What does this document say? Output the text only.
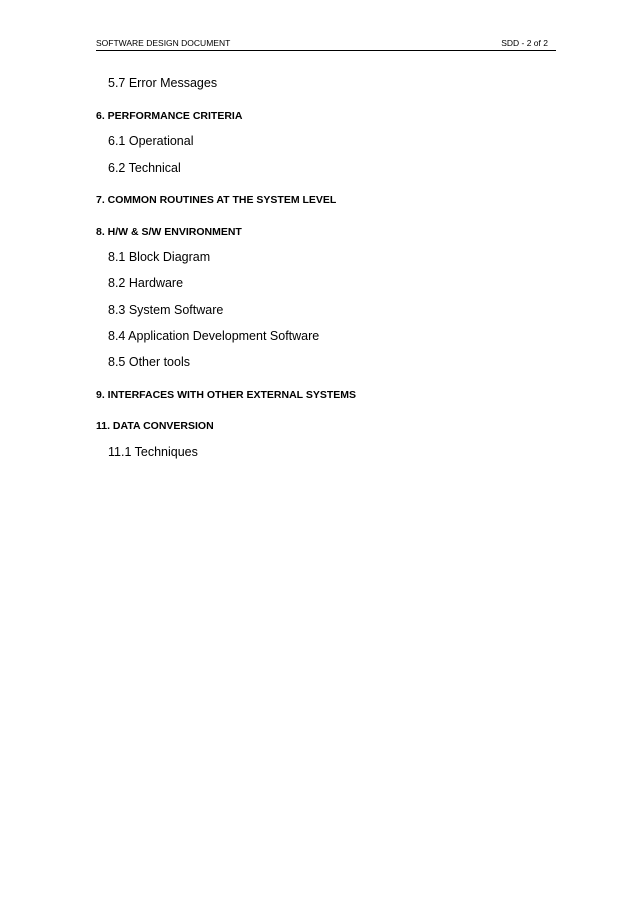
SOFTWARE DESIGN DOCUMENT	SDD - 2 of 2
5.7 Error Messages
6. PERFORMANCE CRITERIA
6.1 Operational
6.2 Technical
7. COMMON ROUTINES AT THE SYSTEM LEVEL
8. H/W & S/W ENVIRONMENT
8.1 Block Diagram
8.2 Hardware
8.3 System Software
8.4 Application Development Software
8.5 Other tools
9. INTERFACES WITH OTHER EXTERNAL SYSTEMS
11. DATA CONVERSION
11.1 Techniques
